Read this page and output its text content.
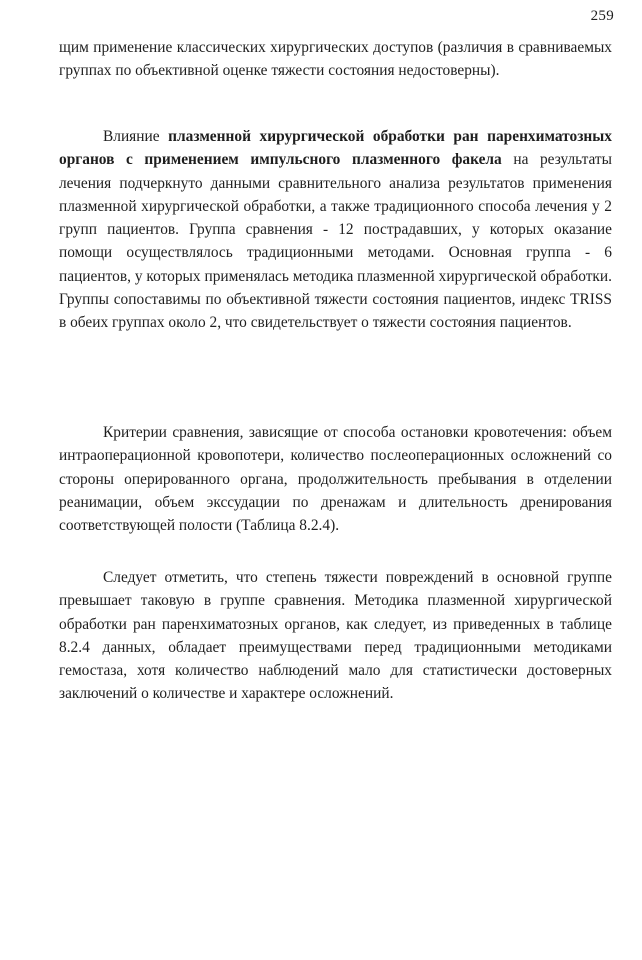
259

щим применение классических хирургических доступов (различия в сравниваемых группах по объективной оценке тяжести состояния недостоверны).

Влияние плазменной хирургической обработки ран паренхиматозных органов с применением импульсного плазменного факела на результаты лечения подчеркнуто данными сравнительного анализа результатов применения плазменной хирургической обработки, а также традиционного способа лечения у 2 групп пациентов. Группа сравнения - 12 пострадавших, у которых оказание помощи осуществлялось традиционными методами. Основная группа - 6 пациентов, у которых применялась методика плазменной хирургической обработки. Группы сопоставимы по объективной тяжести состояния пациентов, индекс TRISS в обеих группах около 2, что свидетельствует о тяжести состояния пациентов.

Критерии сравнения, зависящие от способа остановки кровотечения: объем интраоперационной кровопотери, количество послеоперационных осложнений со стороны оперированного органа, продолжительность пребывания в отделении реанимации, объем экссудации по дренажам и длительность дренирования соответствующей полости (Таблица 8.2.4).

Следует отметить, что степень тяжести повреждений в основной группе превышает таковую в группе сравнения. Методика плазменной хирургической обработки ран паренхиматозных органов, как следует, из приведенных в таблице 8.2.4 данных, обладает преимуществами перед традиционными методиками гемостаза, хотя количество наблюдений мало для статистически достоверных заключений о количестве и характере осложнений.
